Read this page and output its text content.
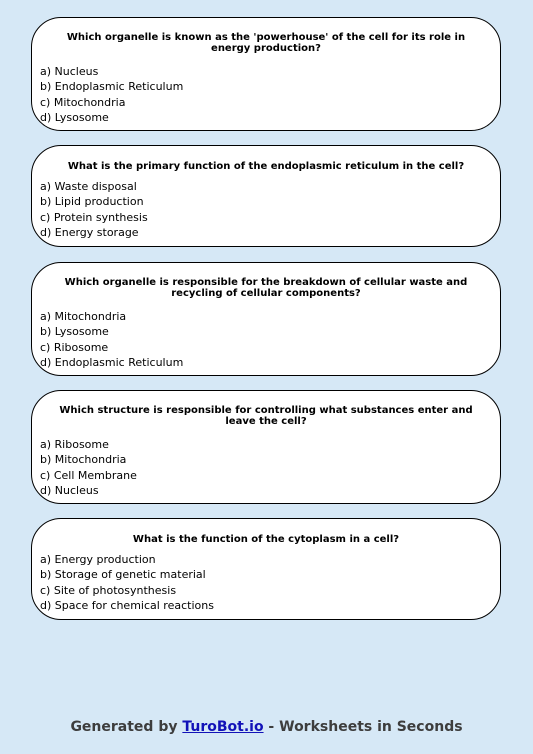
Which organelle is known as the 'powerhouse' of the cell for its role in energy production?

a) Nucleus
b) Endoplasmic Reticulum
c) Mitochondria
d) Lysosome

What is the primary function of the endoplasmic reticulum in the cell?

a) Waste disposal
b) Lipid production
c) Protein synthesis
d) Energy storage

Which organelle is responsible for the breakdown of cellular waste and recycling of cellular components?

a) Mitochondria
b) Lysosome
c) Ribosome
d) Endoplasmic Reticulum

Which structure is responsible for controlling what substances enter and leave the cell?

a) Ribosome
b) Mitochondria
c) Cell Membrane
d) Nucleus

What is the function of the cytoplasm in a cell?

a) Energy production
b) Storage of genetic material
c) Site of photosynthesis
d) Space for chemical reactions
Generated by TuroBot.io - Worksheets in Seconds
